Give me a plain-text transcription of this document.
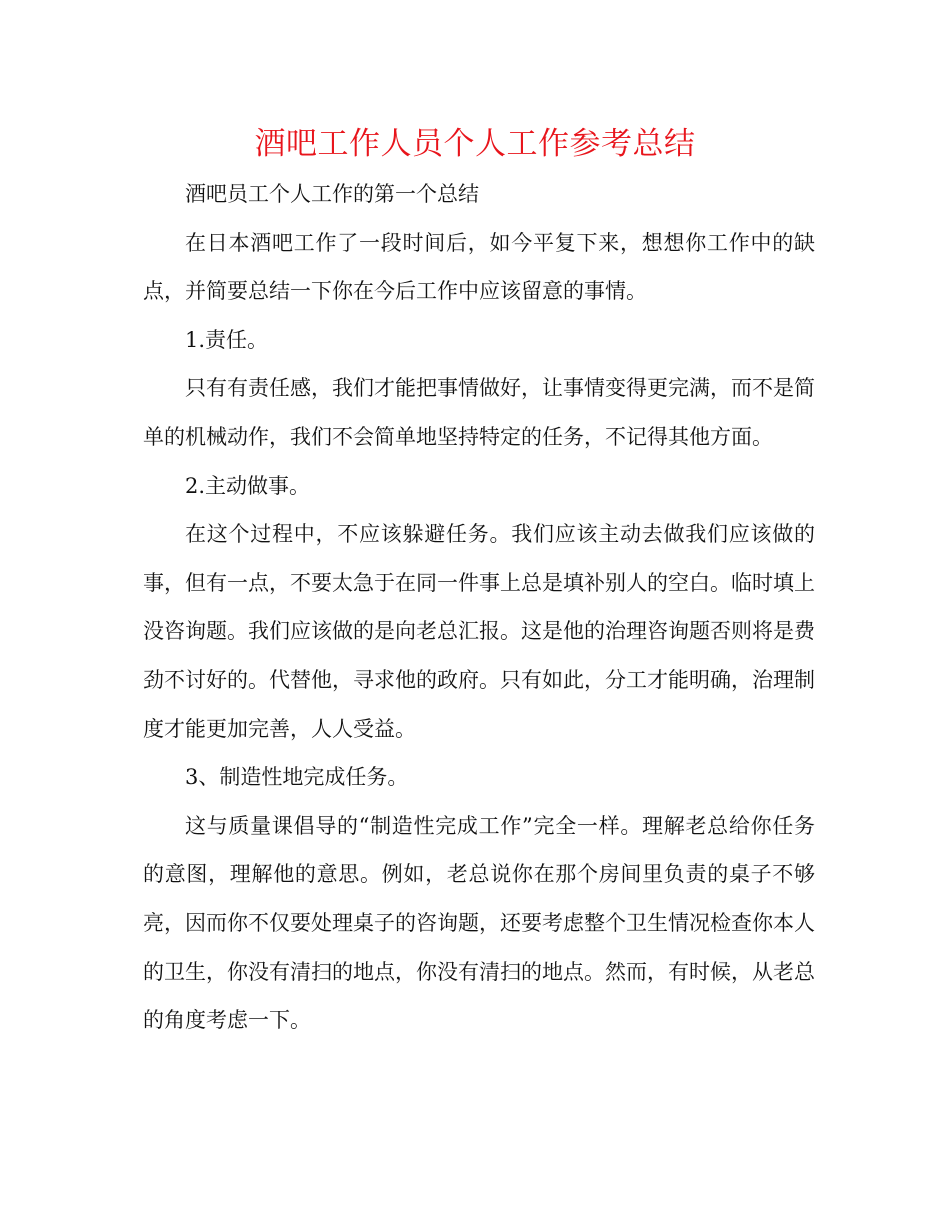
酒吧工作人员个人工作参考总结

酒吧员工个人工作的第一个总结

在日本酒吧工作了一段时间后，如今平复下来，想想你工作中的缺点，并简要总结一下你在今后工作中应该留意的事情。

1.责任。

只有有责任感，我们才能把事情做好，让事情变得更完满，而不是简单的机械动作，我们不会简单地坚持特定的任务，不记得其他方面。

2.主动做事。

在这个过程中，不应该躲避任务。我们应该主动去做我们应该做的事，但有一点，不要太急于在同一件事上总是填补别人的空白。临时填上没咨询题。我们应该做的是向老总汇报。这是他的治理咨询题否则将是费劲不讨好的。代替他，寻求他的政府。只有如此，分工才能明确，治理制度才能更加完善，人人受益。

3、制造性地完成任务。

这与质量课倡导的“制造性完成工作”完全一样。理解老总给你任务的意图，理解他的意思。例如，老总说你在那个房间里负责的桌子不够亮，因而你不仅要处理桌子的咨询题，还要考虑整个卫生情况检查你本人的卫生，你没有清扫的地点，你没有清扫的地点。然而，有时候，从老总的角度考虑一下。
